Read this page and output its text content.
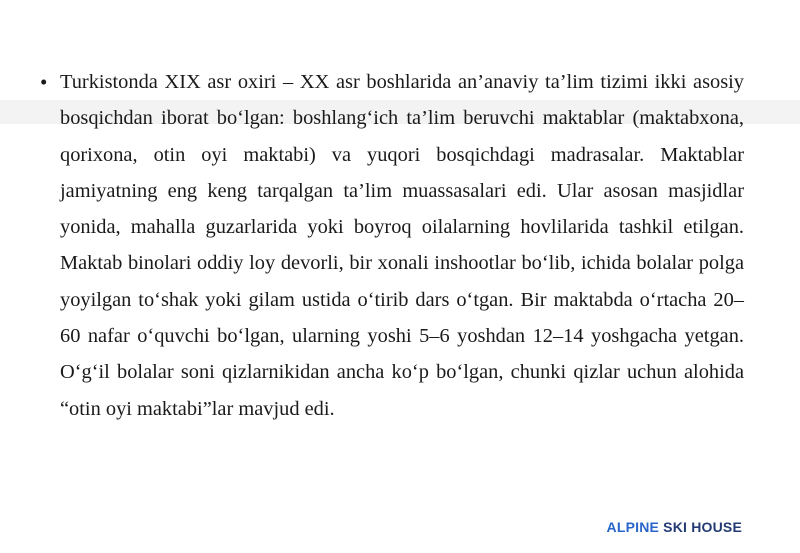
• Turkistonda XIX asr oxiri – XX asr boshlarida an’anaviy ta’lim tizimi ikki asosiy bosqichdan iborat bo‘lgan: boshlang‘ich ta’lim beruvchi maktablar (maktabxona, qorixona, otin oyi maktabi) va yuqori bosqichdagi madrasalar. Maktablar jamiyatning eng keng tarqalgan ta’lim muassasalari edi. Ular asosan masjidlar yonida, mahalla guzarlarida yoki boyroq oilalarning hovlilarida tashkil etilgan. Maktab binolari oddiy loy devorli, bir xonali inshootlar bo‘lib, ichida bolalar polga yoyilgan to‘shak yoki gilam ustida o‘tirib dars o‘tgan. Bir maktabda o‘rtacha 20–60 nafar o‘quvchi bo‘lgan, ularning yoshi 5–6 yoshdan 12–14 yoshgacha yetgan. O‘g‘il bolalar soni qizlarnikidan ancha ko‘p bo‘lgan, chunki qizlar uchun alohida “otin oyi maktabi”lar mavjud edi.

ALPINE SKI HOUSE
